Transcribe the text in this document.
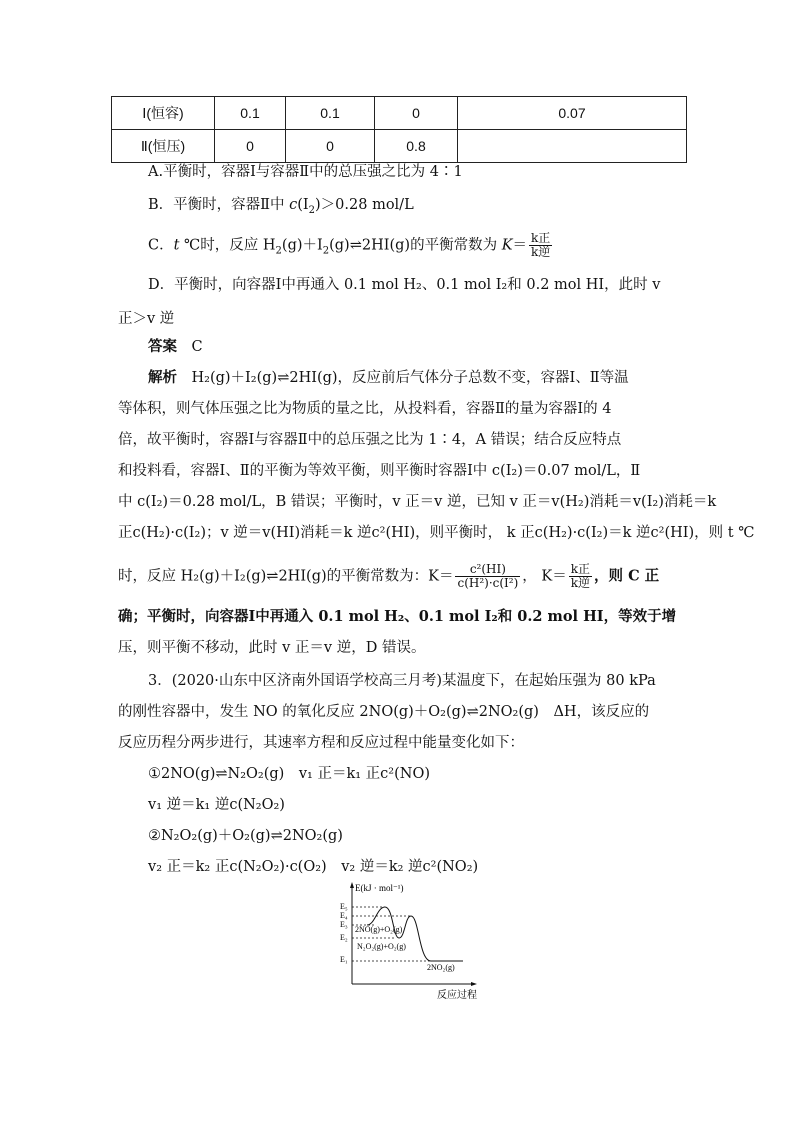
Ⅰ(恒容)	0.1	0.1	0	0.07
Ⅱ(恒压)	0	0	0.8	
A.平衡时，容器Ⅰ与容器Ⅱ中的总压强之比为 4∶1
B．平衡时，容器Ⅱ中 $c(I_2)>0.28$ mol/L
C．t ℃时，反应 $H_2(g)+I_2(g)\rightleftharpoons 2HI(g)$的平衡常数为 $K= \frac{\text{k正}}{\text{k逆}}$
D．平衡时，向容器Ⅰ中再通入 0.1 mol H₂、0.1 mol I₂和 0.2 mol HI，此时 v
正＞v 逆
答案　 C
解析　 H₂(g)＋I₂(g)⇌2HI(g)，反应前后气体分子总数不变，容器Ⅰ、Ⅱ等温
等体积，则气体压强之比为物质的量之比，从投料看，容器Ⅱ的量为容器Ⅰ的 4
倍，故平衡时，容器Ⅰ与容器Ⅱ中的总压强之比为 1∶4，A 错误；结合反应特点
和投料看，容器Ⅰ、Ⅱ的平衡为等效平衡，则平衡时容器Ⅰ中 c(I₂)＝0.07 mol/L，Ⅱ
中 c(I₂)＝0.28 mol/L，B 错误；平衡时，v 正＝v 逆，已知 v 正＝v(H₂)消耗＝v(I₂)消耗＝k
正c(H₂)·c(I₂)；v 逆＝v(HI)消耗＝k 逆c²(HI)，则平衡时， k 正c(H₂)·c(I₂)＝k 逆c²(HI)，则 t ℃
时，反应 H₂(g)＋I₂(g)⇌2HI(g)的平衡常数为：$K= \frac{\text{c²(HI)}}{\text{c(H²)·c(I²)}}$ ， $K= \frac{\text{k正}}{\text{k逆}}$ ，则 C 正
确；平衡时，向容器Ⅰ中再通入 0.1 mol H₂、0.1 mol I₂和 0.2 mol HI，等效于增
压，则平衡不移动，此时 v 正＝v 逆，D 错误。
3．(2020·山东中区济南外国语学校高三月考)某温度下，在起始压强为 80 kPa
的刚性容器中，发生 NO 的氧化反应 2NO(g)＋O₂(g)⇌2NO₂(g)　ΔH，该反应的
反应历程分两步进行，其速率方程和反应过程中能量变化如下：
①2NO(g)⇌N₂O₂(g)　v₁ 正＝k₁ 正c²(NO)
v₁ 逆＝k₁ 逆c(N₂O₂)
②N₂O₂(g)＋O₂(g)⇌2NO₂(g)
v₂ 正＝k₂ 正c(N₂O₂)·c(O₂)　v₂ 逆＝k₂ 逆c²(NO₂)
E(kJ · mol⁻¹)
反应过程
E₅
E₄
E₃
E₂
E₁
2NO(g)+O₂(g)
N₂O₂(g)+O₂(g)
2NO₂(g)
